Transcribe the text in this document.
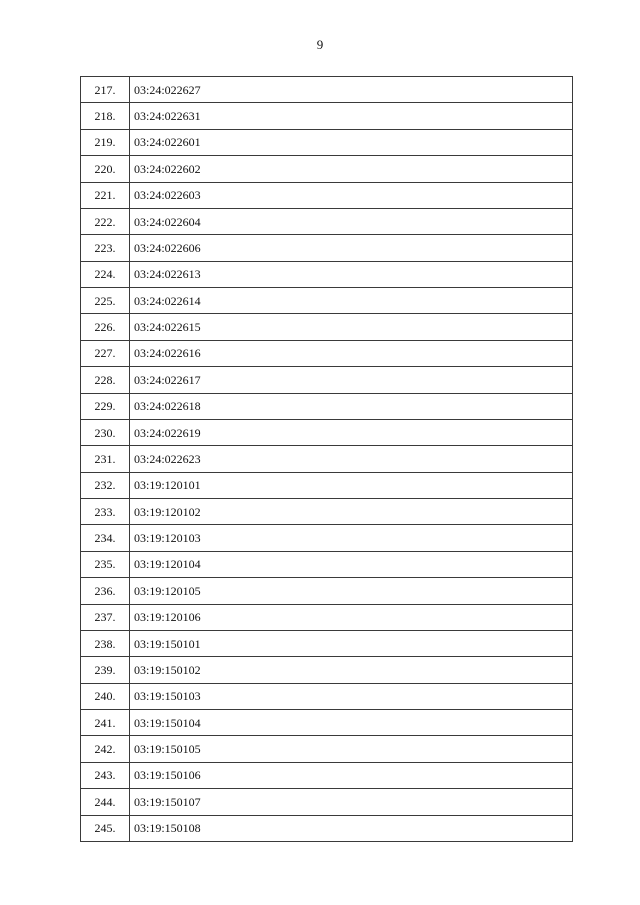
9
217.	03:24:022627
218.	03:24:022631
219.	03:24:022601
220.	03:24:022602
221.	03:24:022603
222.	03:24:022604
223.	03:24:022606
224.	03:24:022613
225.	03:24:022614
226.	03:24:022615
227.	03:24:022616
228.	03:24:022617
229.	03:24:022618
230.	03:24:022619
231.	03:24:022623
232.	03:19:120101
233.	03:19:120102
234.	03:19:120103
235.	03:19:120104
236.	03:19:120105
237.	03:19:120106
238.	03:19:150101
239.	03:19:150102
240.	03:19:150103
241.	03:19:150104
242.	03:19:150105
243.	03:19:150106
244.	03:19:150107
245.	03:19:150108
